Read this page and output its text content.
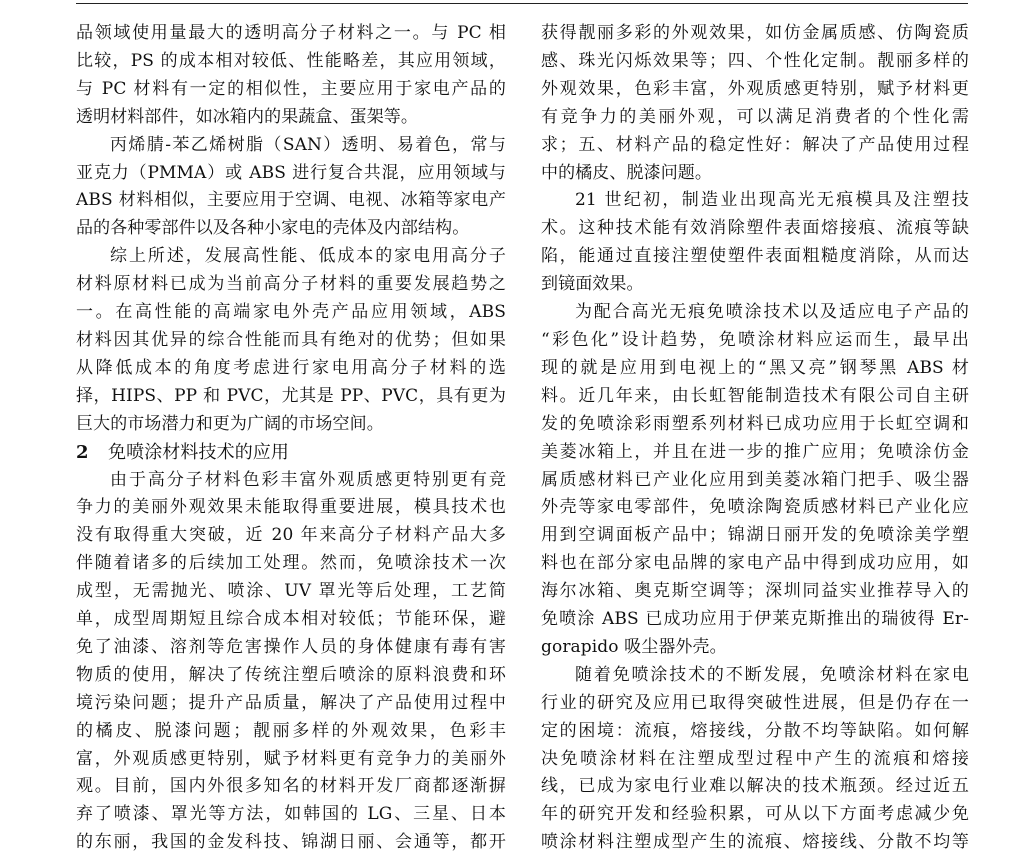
品领域使用量最大的透明高分子材料之一。与 PC 相

比较，PS 的成本相对较低、性能略差，其应用领域，

与 PC 材料有一定的相似性，主要应用于家电产品的

透明材料部件，如冰箱内的果蔬盒、蛋架等。

丙烯腈-苯乙烯树脂（SAN）透明、易着色，常与

亚克力（PMMA）或 ABS 进行复合共混，应用领域与

ABS 材料相似，主要应用于空调、电视、冰箱等家电产

品的各种零部件以及各种小家电的壳体及内部结构。

综上所述，发展高性能、低成本的家电用高分子

材料原材料已成为当前高分子材料的重要发展趋势之

一。在高性能的高端家电外壳产品应用领域，ABS

材料因其优异的综合性能而具有绝对的优势；但如果

从降低成本的角度考虑进行家电用高分子材料的选

择，HIPS、PP 和 PVC，尤其是 PP、PVC，具有更为

巨大的市场潜力和更为广阔的市场空间。

2 免喷涂材料技术的应用

由于高分子材料色彩丰富外观质感更特别更有竞

争力的美丽外观效果未能取得重要进展，模具技术也

没有取得重大突破，近 20 年来高分子材料产品大多

伴随着诸多的后续加工处理。然而，免喷涂技术一次

成型，无需抛光、喷涂、UV 罩光等后处理，工艺简

单，成型周期短且综合成本相对较低；节能环保，避

免了油漆、溶剂等危害操作人员的身体健康有毒有害

物质的使用，解决了传统注塑后喷涂的原料浪费和环

境污染问题；提升产品质量，解决了产品使用过程中

的橘皮、脱漆问题；靓丽多样的外观效果，色彩丰

富，外观质感更特别，赋予材料更有竞争力的美丽外

观。目前，国内外很多知名的材料开发厂商都逐渐摒

弃了喷漆、罩光等方法，如韩国的 LG、三星、日本

的东丽，我国的金发科技、锦湖日丽、会通等，都开

获得靓丽多彩的外观效果，如仿金属质感、仿陶瓷质

感、珠光闪烁效果等；四、个性化定制。靓丽多样的

外观效果，色彩丰富，外观质感更特别，赋予材料更

有竞争力的美丽外观，可以满足消费者的个性化需

求；五、材料产品的稳定性好：解决了产品使用过程

中的橘皮、脱漆问题。

21 世纪初，制造业出现高光无痕模具及注塑技

术。这种技术能有效消除塑件表面熔接痕、流痕等缺

陷，能通过直接注塑使塑件表面粗糙度消除，从而达

到镜面效果。

为配合高光无痕免喷涂技术以及适应电子产品的

“彩色化”设计趋势，免喷涂材料应运而生，最早出

现的就是应用到电视上的“黑又亮”钢琴黑 ABS 材

料。近几年来，由长虹智能制造技术有限公司自主研

发的免喷涂彩雨塑系列材料已成功应用于长虹空调和

美菱冰箱上，并且在进一步的推广应用；免喷涂仿金

属质感材料已产业化应用到美菱冰箱门把手、吸尘器

外壳等家电零部件，免喷涂陶瓷质感材料已产业化应

用到空调面板产品中；锦湖日丽开发的免喷涂美学塑

料也在部分家电品牌的家电产品中得到成功应用，如

海尔冰箱、奥克斯空调等；深圳同益实业推荐导入的

免喷涂 ABS 已成功应用于伊莱克斯推出的瑞彼得 Er-

gorapido 吸尘器外壳。

随着免喷涂技术的不断发展，免喷涂材料在家电

行业的研究及应用已取得突破性进展，但是仍存在一

定的困境：流痕，熔接线，分散不均等缺陷。如何解

决免喷涂材料在注塑成型过程中产生的流痕和熔接

线，已成为家电行业难以解决的技术瓶颈。经过近五

年的研究开发和经验积累，可从以下方面考虑减少免

喷涂材料注塑成型产生的流痕、熔接线、分散不均等
